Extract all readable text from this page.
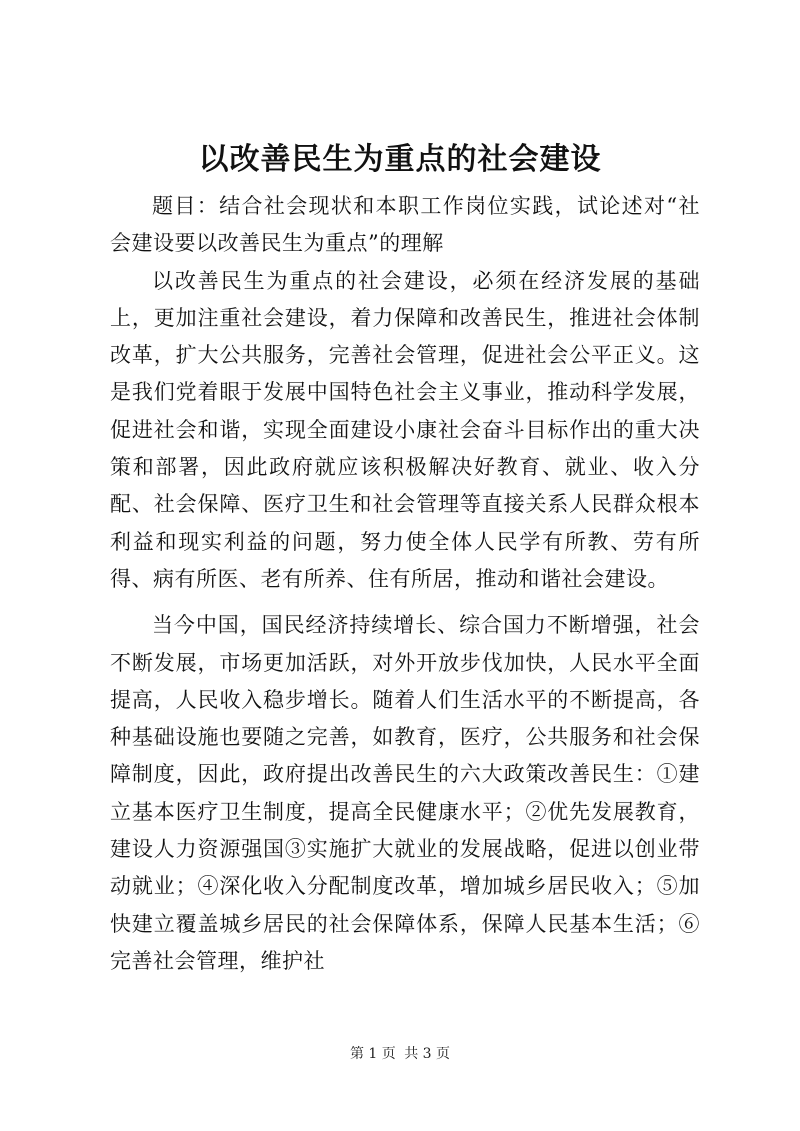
以改善民生为重点的社会建设

题目：结合社会现状和本职工作岗位实践，试论述对“社会建设要以改善民生为重点”的理解

以改善民生为重点的社会建设，必须在经济发展的基础上，更加注重社会建设，着力保障和改善民生，推进社会体制改革，扩大公共服务，完善社会管理，促进社会公平正义。这是我们党着眼于发展中国特色社会主义事业，推动科学发展，促进社会和谐，实现全面建设小康社会奋斗目标作出的重大决策和部署，因此政府就应该积极解决好教育、就业、收入分配、社会保障、医疗卫生和社会管理等直接关系人民群众根本利益和现实利益的问题，努力使全体人民学有所教、劳有所得、病有所医、老有所养、住有所居，推动和谐社会建设。

当今中国，国民经济持续增长、综合国力不断增强，社会不断发展，市场更加活跃，对外开放步伐加快，人民水平全面提高，人民收入稳步增长。随着人们生活水平的不断提高，各种基础设施也要随之完善，如教育，医疗，公共服务和社会保障制度，因此，政府提出改善民生的六大政策改善民生：①建立基本医疗卫生制度，提高全民健康水平；②优先发展教育，建设人力资源强国③实施扩大就业的发展战略，促进以创业带动就业；④深化收入分配制度改革，增加城乡居民收入；⑤加快建立覆盖城乡居民的社会保障体系，保障人民基本生活；⑥完善社会管理，维护社

第 1 页 共 3 页
